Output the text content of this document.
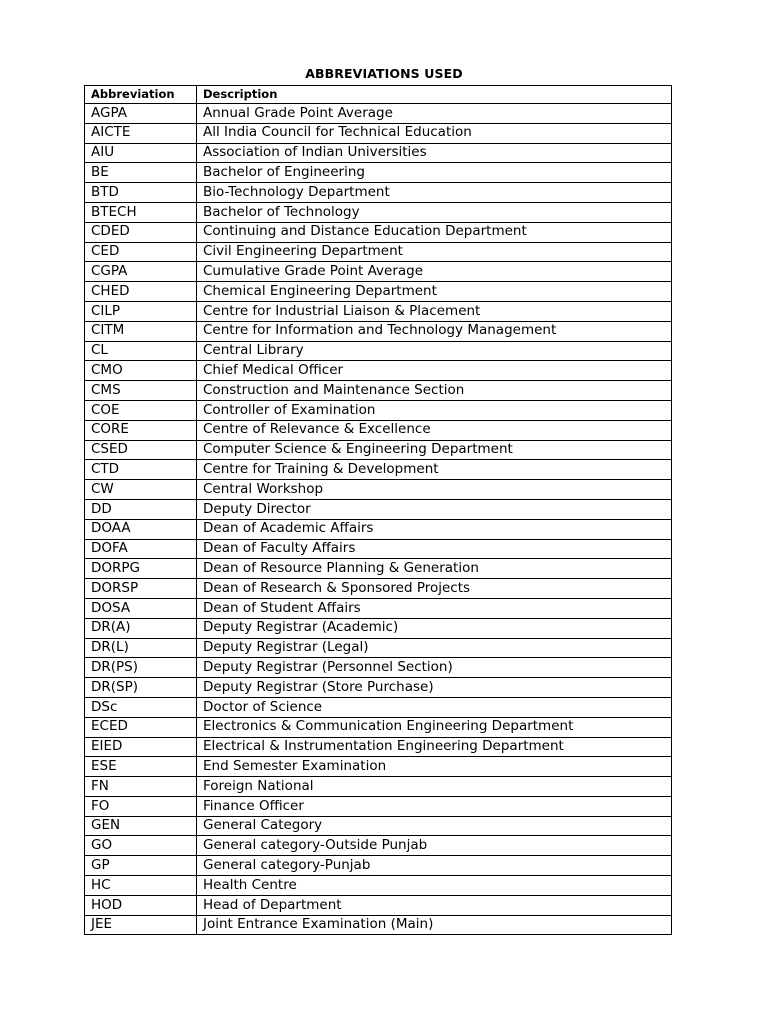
ABBREVIATIONS USED
Abbreviation	Description
AGPA	Annual Grade Point Average
AICTE	All India Council for Technical Education
AIU	Association of Indian Universities
BE	Bachelor of Engineering
BTD	Bio-Technology Department
BTECH	Bachelor of Technology
CDED	Continuing and Distance Education Department
CED	Civil Engineering Department
CGPA	Cumulative Grade Point Average
CHED	Chemical Engineering Department
CILP	Centre for Industrial Liaison & Placement
CITM	Centre for Information and Technology Management
CL	Central Library
CMO	Chief Medical Officer
CMS	Construction and Maintenance Section
COE	Controller of Examination
CORE	Centre of Relevance & Excellence
CSED	Computer Science & Engineering Department
CTD	Centre for Training & Development
CW	Central Workshop
DD	Deputy Director
DOAA	Dean of Academic Affairs
DOFA	Dean of Faculty Affairs
DORPG	Dean of Resource Planning & Generation
DORSP	Dean of Research & Sponsored Projects
DOSA	Dean of Student Affairs
DR(A)	Deputy Registrar (Academic)
DR(L)	Deputy Registrar (Legal)
DR(PS)	Deputy Registrar (Personnel Section)
DR(SP)	Deputy Registrar (Store Purchase)
DSc	Doctor of Science
ECED	Electronics & Communication Engineering Department
EIED	Electrical & Instrumentation Engineering Department
ESE	End Semester Examination
FN	Foreign National
FO	Finance Officer
GEN	General Category
GO	General category-Outside Punjab
GP	General category-Punjab
HC	Health Centre
HOD	Head of Department
JEE	Joint Entrance Examination (Main)
